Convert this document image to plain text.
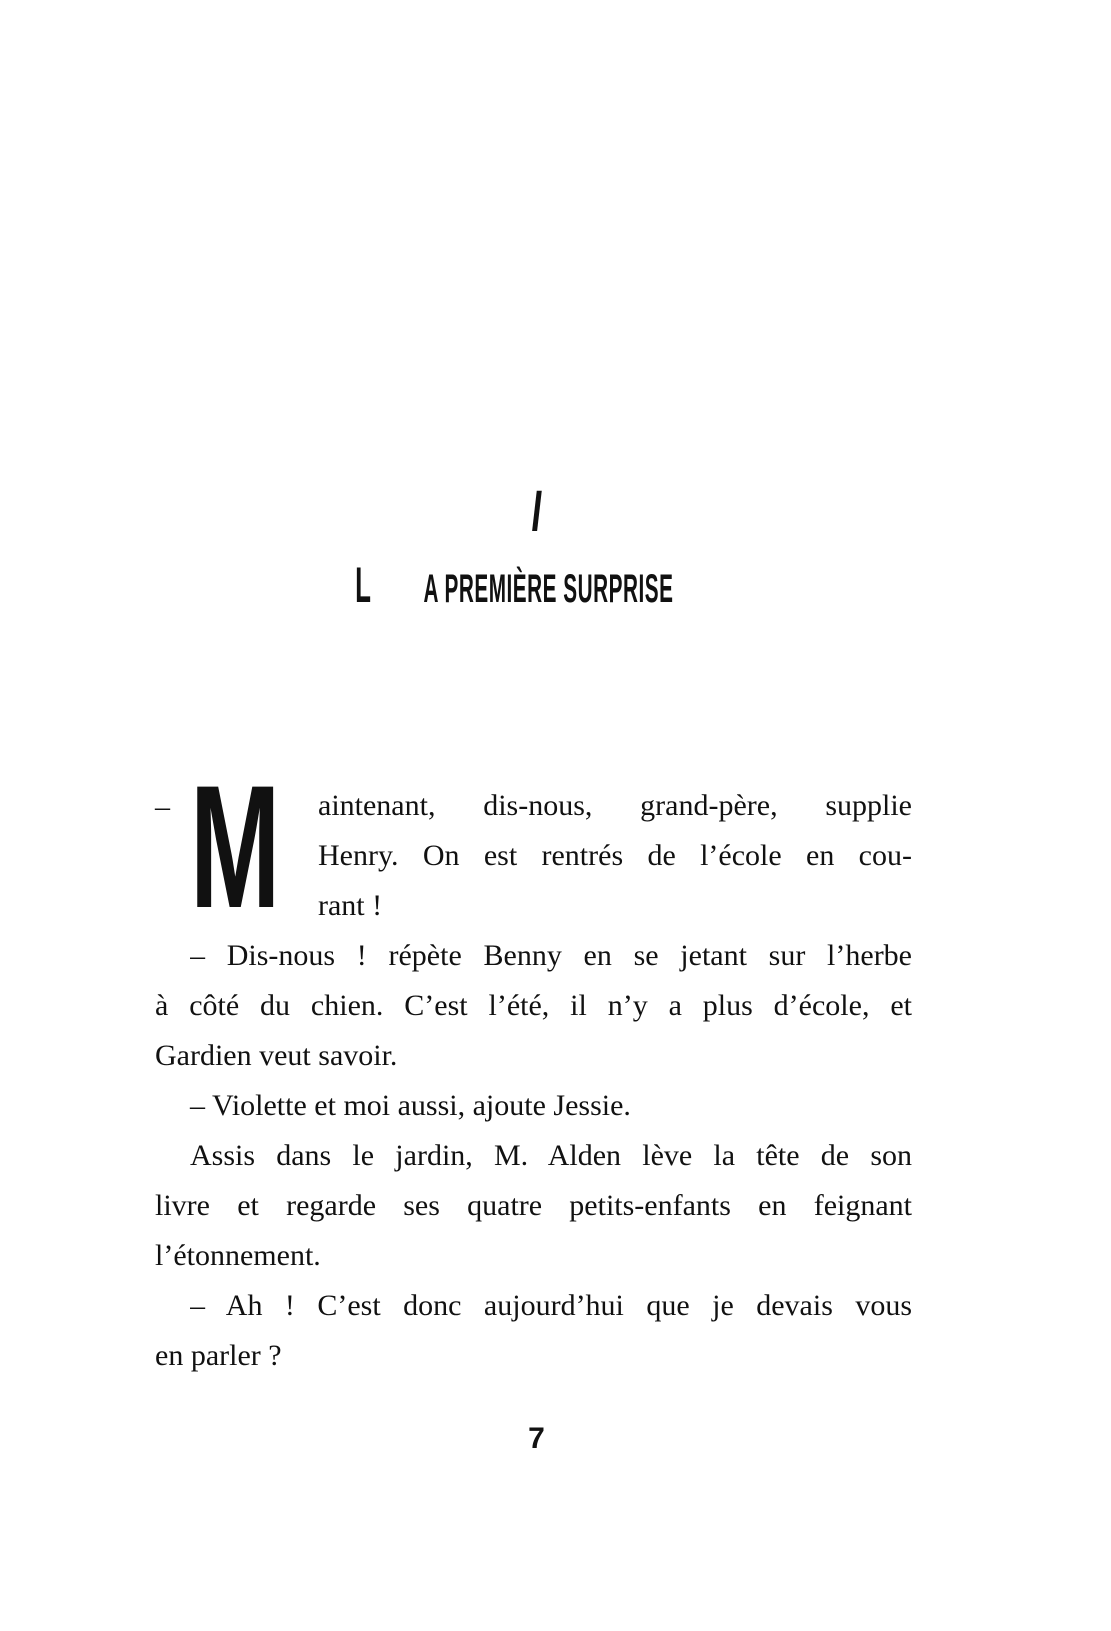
I
L A PREMIÈRE SURPRISE
– M aintenant, dis-nous, grand-père, supplie
Henry. On est rentrés de l’école en cou-
rant !
– Dis-nous ! répète Benny en se jetant sur l’herbe
à côté du chien. C’est l’été, il n’y a plus d’école, et
Gardien veut savoir.
– Violette et moi aussi, ajoute Jessie.
Assis dans le jardin, M. Alden lève la tête de son
livre et regarde ses quatre petits-enfants en feignant
l’étonnement.
– Ah ! C’est donc aujourd’hui que je devais vous
en parler ?
7
